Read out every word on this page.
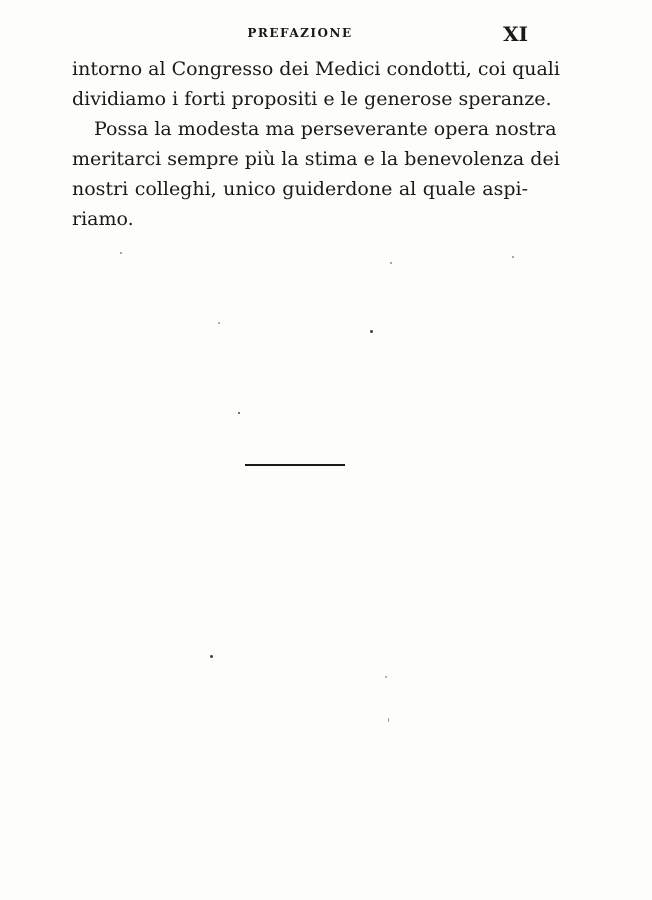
PREFAZIONE	XI
intorno al Congresso dei Medici condotti, coi quali
dividiamo i forti propositi e le generose speranze.
Possa la modesta ma perseverante opera nostra
meritarci sempre più la stima e la benevolenza dei
nostri colleghi, unico guiderdone al quale aspi-
riamo.
